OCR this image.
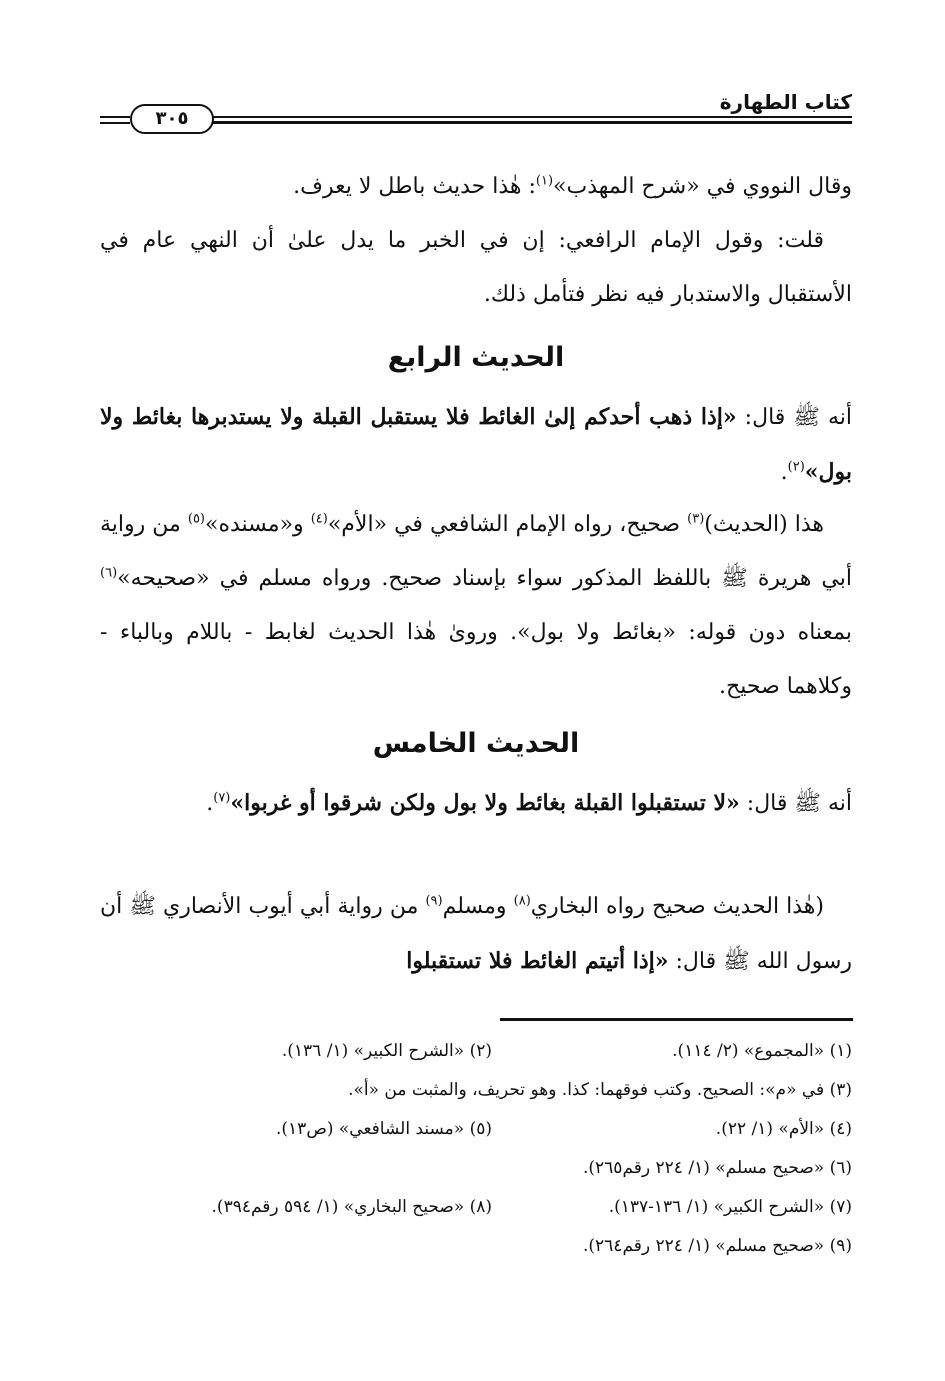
كتاب الطهارة
٣٠٥

وقال النووي في «شرح المهذب»$^{(١)}$: هٰذا حديث باطل لا يعرف.

قلت: وقول الإمام الرافعي: إن في الخبر ما يدل علىٰ أن النهي عام في الأستقبال والاستدبار فيه نظر فتأمل ذلك.

الحديث الرابع

أنه ﷺ قال: «إذا ذهب أحدكم إلىٰ الغائط فلا يستقبل القبلة ولا يستدبرها بغائط ولا بول»$^{(٢)}$.

هذا (الحديث)$^{(٣)}$ صحيح، رواه الإمام الشافعي في «الأم»$^{(٤)}$ و«مسنده»$^{(٥)}$ من رواية أبي هريرة ﷺ باللفظ المذكور سواء بإسناد صحيح. ورواه مسلم في «صحيحه»$^{(٦)}$ بمعناه دون قوله: «بغائط ولا بول». وروىٰ هٰذا الحديث لغابط - باللام وبالباء - وكلاهما صحيح.

الحديث الخامس

أنه ﷺ قال: «لا تستقبلوا القبلة بغائط ولا بول ولكن شرقوا أو غربوا»$^{(٧)}$.

(هٰذا الحديث صحيح رواه البخاري$^{(٨)}$ ومسلم$^{(٩)}$ من رواية أبي أيوب الأنصاري ﷺ أن رسول الله ﷺ قال: «إذا أتيتم الغائط فلا تستقبلوا

(١) «المجموع» (٢/ ١١٤).
(٢) «الشرح الكبير» (١/ ١٣٦).
(٣) في «م»: الصحيح. وكتب فوقهما: كذا. وهو تحريف، والمثبت من «أ».
(٤) «الأم» (١/ ٢٢).
(٥) «مسند الشافعي» (ص١٣).
(٦) «صحيح مسلم» (١/ ٢٢٤ رقم٢٦٥).
(٧) «الشرح الكبير» (١/ ١٣٦-١٣٧).
(٨) «صحيح البخاري» (١/ ٥٩٤ رقم٣٩٤).
(٩) «صحيح مسلم» (١/ ٢٢٤ رقم٢٦٤).
